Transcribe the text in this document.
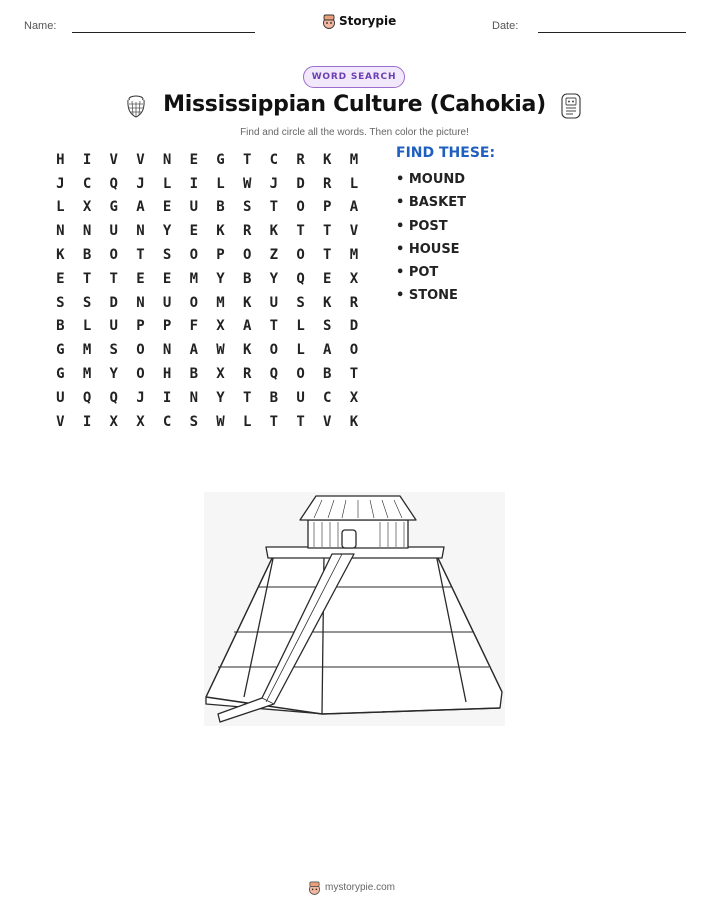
Name:	Storypie	Date:
WORD SEARCH
Mississippian Culture (Cahokia)
Find and circle all the words. Then color the picture!
H	I	V	V	N	E	G	T	C	R	K	M
J	C	Q	J	L	I	L	W	J	D	R	L
L	X	G	A	E	U	B	S	T	O	P	A
N	N	U	N	Y	E	K	R	K	T	T	V
K	B	O	T	S	O	P	O	Z	O	T	M
E	T	T	E	E	M	Y	B	Y	Q	E	X
S	S	D	N	U	O	M	K	U	S	K	R
B	L	U	P	P	F	X	A	T	L	S	D
G	M	S	O	N	A	W	K	O	L	A	O
G	M	Y	O	H	B	X	R	Q	O	B	T
U	Q	Q	J	I	N	Y	T	B	U	C	X
V	I	X	X	C	S	W	L	T	T	V	K
FIND THESE:
• MOUND
• BASKET
• POST
• HOUSE
• POT
• STONE
mystorypie.com
